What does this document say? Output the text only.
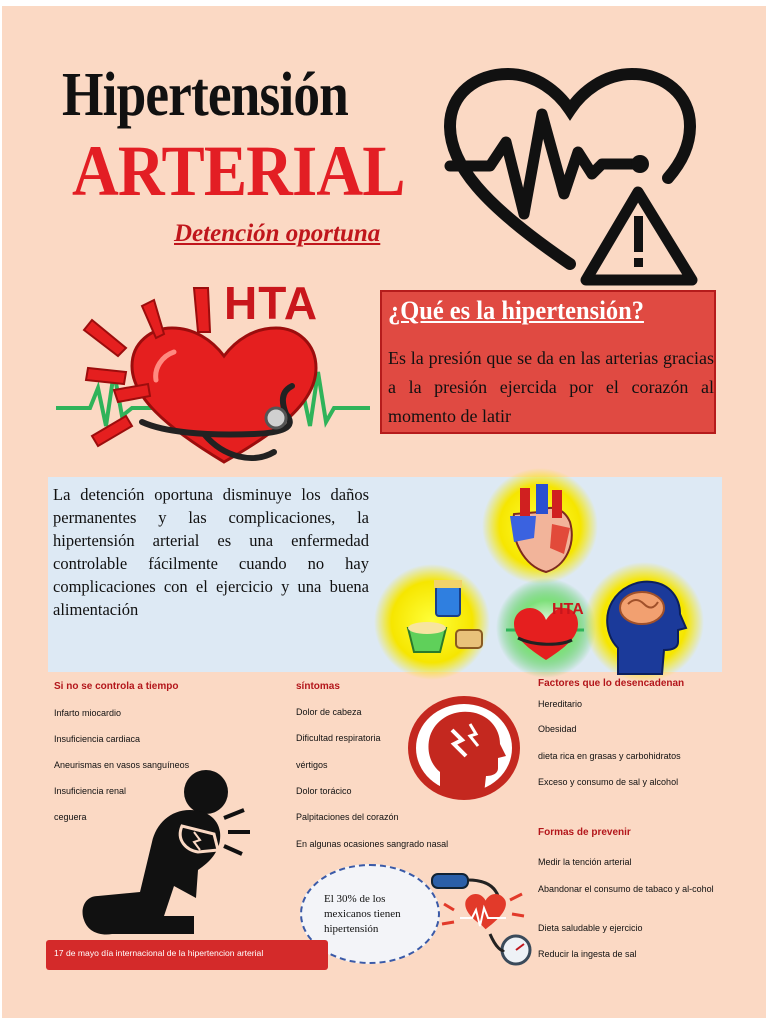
Hipertensión
ARTERIAL
Detención oportuna
HTA	¿Qué es la hipertensión?
Es la presión que se da en las arterias gracias a la presión ejercida por el corazón al momento de latir
La detención oportuna disminuye los daños permanentes y las complicaciones, la hipertensión arterial es una enfermedad controlable fácilmente cuando no hay complicaciones con el ejercicio y una buena alimentación	HTA
Si no se controla a tiempo
Infarto miocardio
Insuficiencia cardiaca
Aneurismas en vasos sanguíneos
Insuficiencia renal
ceguera
síntomas
Dolor de cabeza
Dificultad respiratoria
vértigos
Dolor torácico
Palpitaciones del corazón
En algunas ocasiones sangrado nasal
Factores que lo desencadenan
Hereditario
Obesidad
dieta rica en grasas y carbohidratos
Exceso y consumo de sal y alcohol
Formas de prevenir
Medir la tención arterial
Abandonar el consumo de tabaco y al-cohol
Dieta saludable y ejercicio
Reducir la ingesta de sal
El 30% de los mexicanos tienen hipertensión
17 de mayo día internacional de la hipertencion arterial
